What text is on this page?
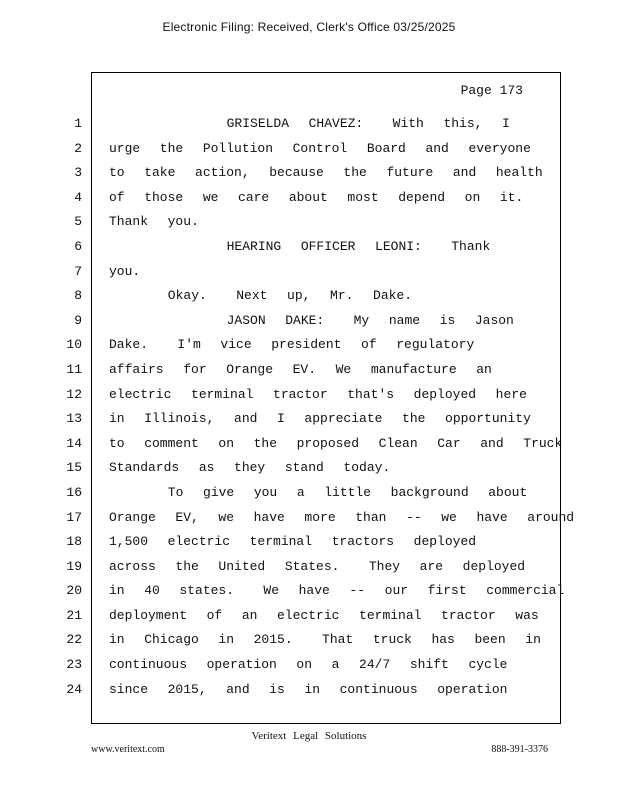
Electronic Filing: Received, Clerk's Office 03/25/2025
Page 173
1
2
3
4
5
6
7
8
9
10
11
12
13
14
15
16
17
18
19
20
21
22
23
24
GRISELDA  CHAVEZ:   With  this,  I
urge  the  Pollution  Control  Board  and  everyone
to  take  action,  because  the  future  and  health
of  those  we  care  about  most  depend  on  it.
Thank  you.
HEARING  OFFICER  LEONI:   Thank
you.
Okay.   Next  up,  Mr.  Dake.
JASON  DAKE:   My  name  is  Jason
Dake.   I'm  vice  president  of  regulatory
affairs  for  Orange  EV.  We  manufacture  an
electric  terminal  tractor  that's  deployed  here
in  Illinois,  and  I  appreciate  the  opportunity
to  comment  on  the  proposed  Clean  Car  and  Truck
Standards  as  they  stand  today.
To  give  you  a  little  background  about
Orange  EV,  we  have  more  than  --  we  have  around
1,500  electric  terminal  tractors  deployed
across  the  United  States.   They  are  deployed
in  40  states.   We  have  --  our  first  commercial
deployment  of  an  electric  terminal  tractor  was
in  Chicago  in  2015.   That  truck  has  been  in
continuous  operation  on  a  24/7  shift  cycle
since  2015,  and  is  in  continuous  operation
Veritext Legal Solutions
www.veritext.com	888-391-3376
